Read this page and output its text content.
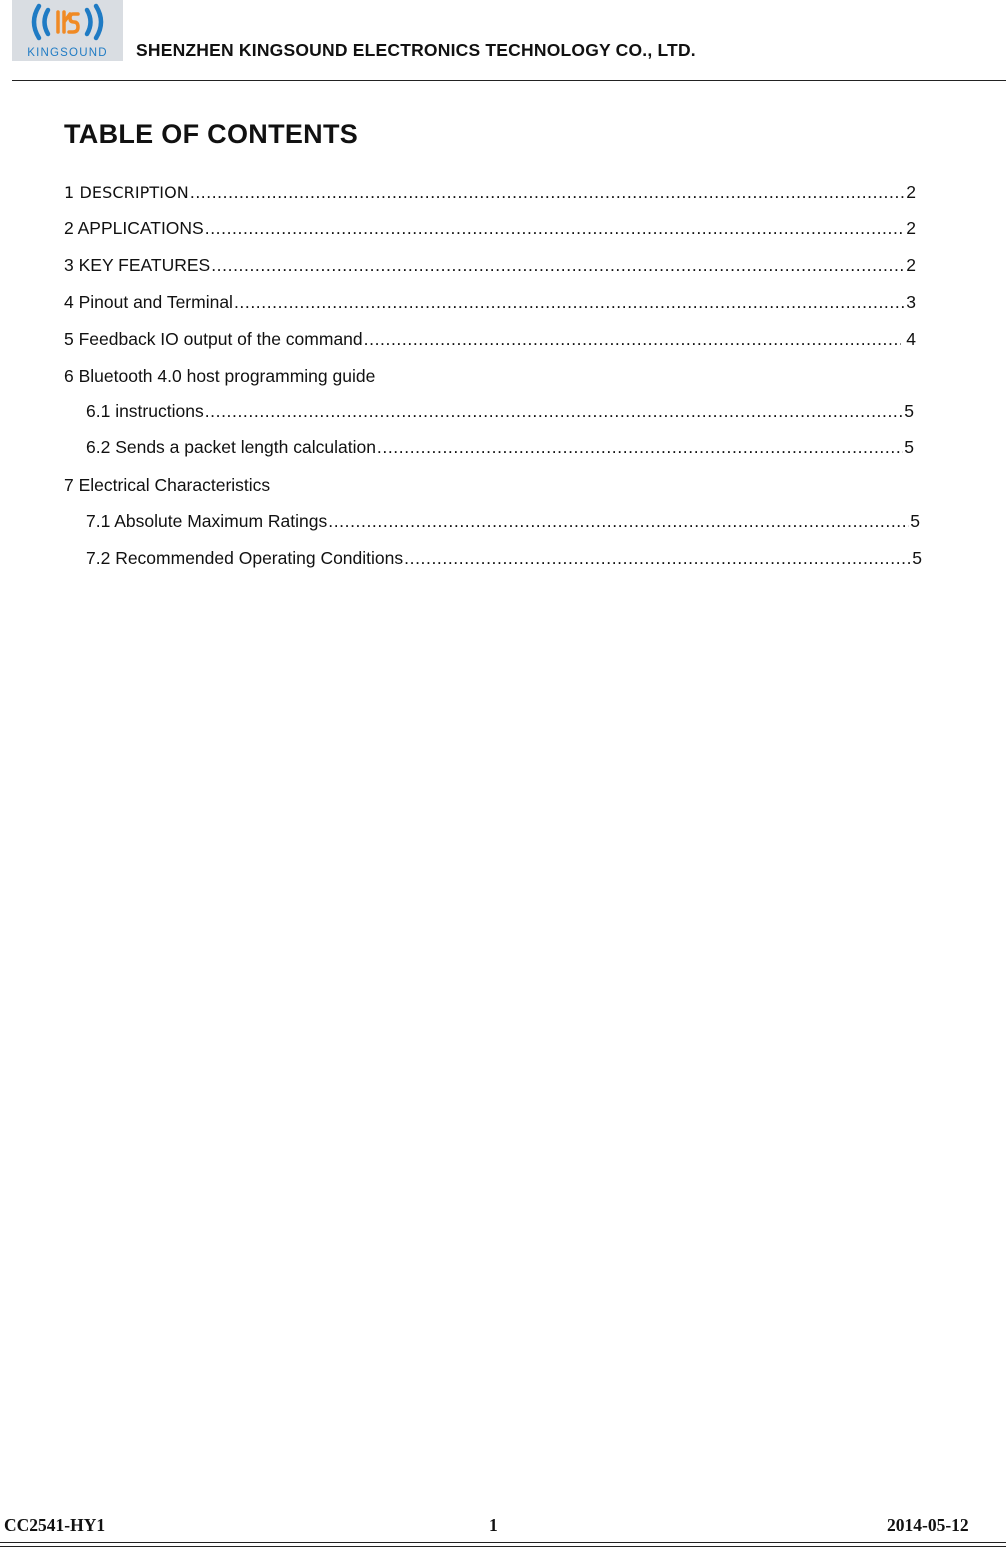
KINGSOUND SHENZHEN KINGSOUND ELECTRONICS TECHNOLOGY CO., LTD.
TABLE OF CONTENTS
1 DESCRIPTION .....	2
2 APPLICATIONS .....	2
3 KEY FEATURES .....	2
4 Pinout and Terminal .....	3
5 Feedback IO output of the command .....	4
6 Bluetooth 4.0 host programming guide
6.1 instructions .....	5
6.2 Sends a packet length calculation .....	5
7 Electrical Characteristics
7.1 Absolute Maximum Ratings .....	5
7.2 Recommended Operating Conditions .....	5
CC2541-HY1	1	2014-05-12
